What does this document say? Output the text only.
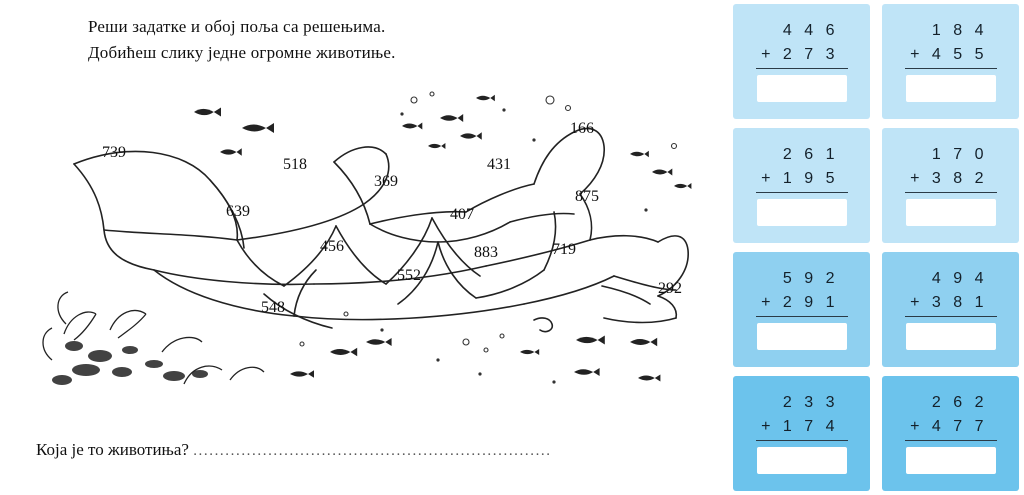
Реши задатке и обој поља са решењима.
Добићеш слику једне огромне животиње.
739
518
369
431
166
639
875
456
407
883	719
552
292
548
Која је то животиња? ...................................................................
4 4 6
+ 2 7 3
1 8 4
+ 4 5 5
2 6 1
+ 1 9 5
1 7 0
+ 3 8 2
5 9 2
+ 2 9 1
4 9 4
+ 3 8 1
2 3 3
+ 1 7 4
2 6 2
+ 4 7 7
